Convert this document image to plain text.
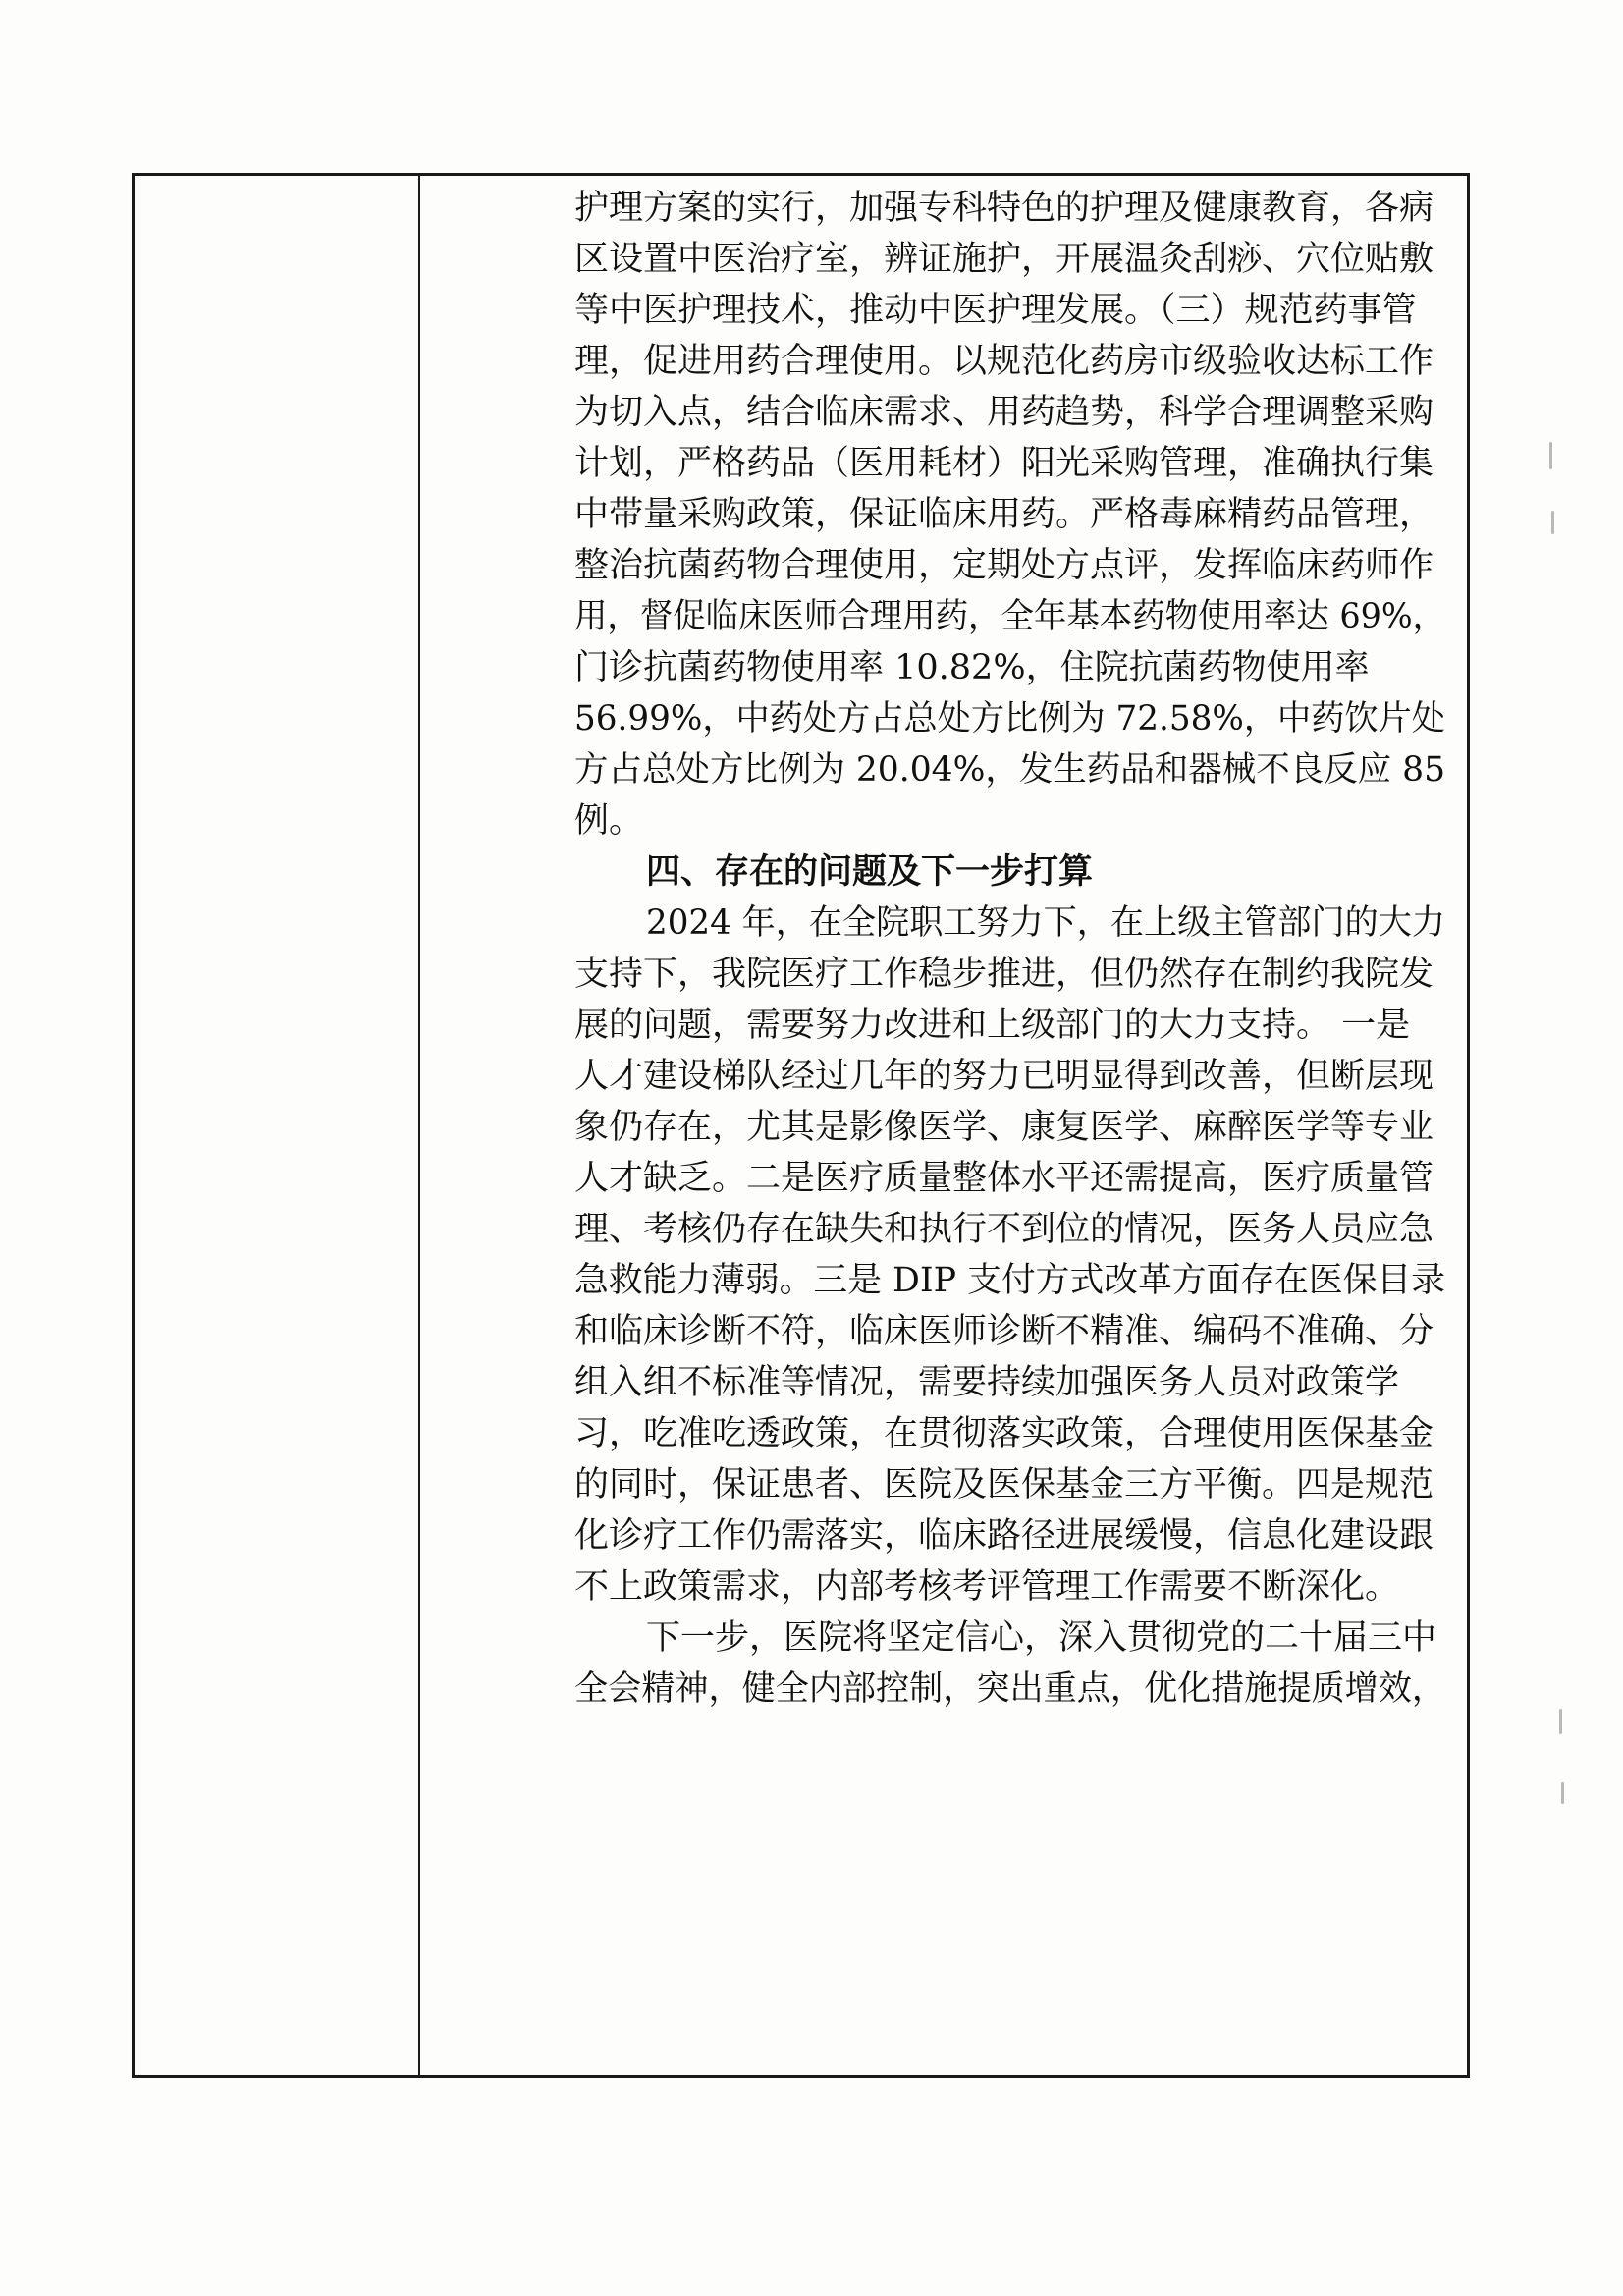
护理方案的实行，加强专科特色的护理及健康教育，各病
区设置中医治疗室，辨证施护，开展温灸刮痧、穴位贴敷
等中医护理技术，推动中医护理发展。（三）规范药事管
理，促进用药合理使用。以规范化药房市级验收达标工作
为切入点，结合临床需求、用药趋势，科学合理调整采购
计划，严格药品（医用耗材）阳光采购管理，准确执行集
中带量采购政策，保证临床用药。严格毒麻精药品管理，
整治抗菌药物合理使用，定期处方点评，发挥临床药师作
用，督促临床医师合理用药，全年基本药物使用率达 69%，
门诊抗菌药物使用率 10.82%，住院抗菌药物使用率
56.99%，中药处方占总处方比例为 72.58%，中药饮片处
方占总处方比例为 20.04%，发生药品和器械不良反应 85
例。
四、存在的问题及下一步打算
2024 年，在全院职工努力下，在上级主管部门的大力
支持下，我院医疗工作稳步推进，但仍然存在制约我院发
展的问题，需要努力改进和上级部门的大力支持。 一是
人才建设梯队经过几年的努力已明显得到改善，但断层现
象仍存在，尤其是影像医学、康复医学、麻醉医学等专业
人才缺乏。二是医疗质量整体水平还需提高，医疗质量管
理、考核仍存在缺失和执行不到位的情况，医务人员应急
急救能力薄弱。三是 DIP 支付方式改革方面存在医保目录
和临床诊断不符，临床医师诊断不精准、编码不准确、分
组入组不标准等情况，需要持续加强医务人员对政策学
习，吃准吃透政策，在贯彻落实政策，合理使用医保基金
的同时，保证患者、医院及医保基金三方平衡。四是规范
化诊疗工作仍需落实，临床路径进展缓慢，信息化建设跟
不上政策需求，内部考核考评管理工作需要不断深化。
下一步，医院将坚定信心，深入贯彻党的二十届三中
全会精神，健全内部控制，突出重点，优化措施提质增效，
